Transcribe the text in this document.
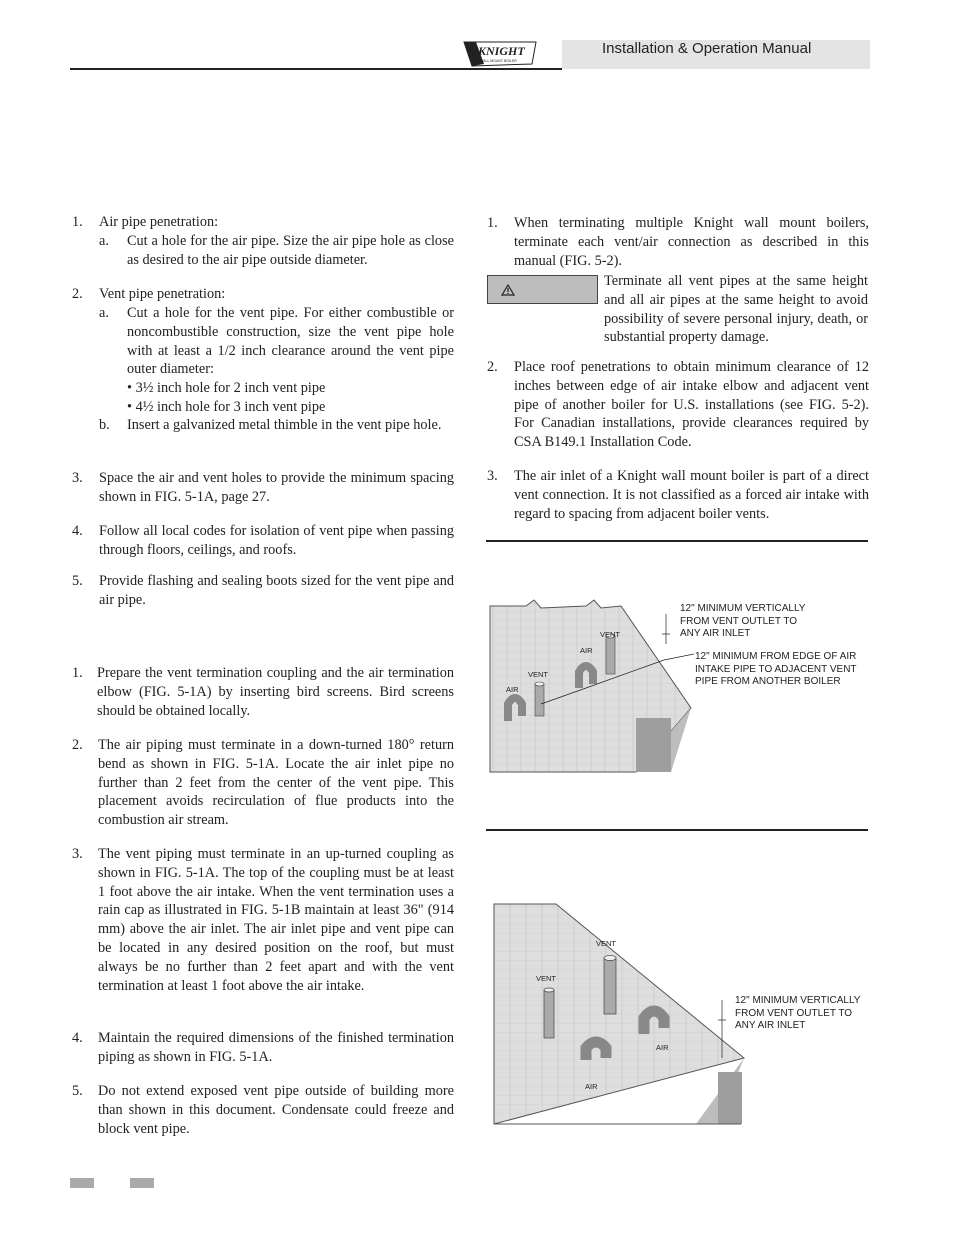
Installation & Operation Manual
KNIGHT
WALL MOUNT BOILER
1. Air pipe penetration:
a. Cut a hole for the air pipe. Size the air pipe hole as close as desired to the air pipe outside diameter.
2. Vent pipe penetration:
a. Cut a hole for the vent pipe. For either combustible or noncombustible construction, size the vent pipe hole with at least a 1/2 inch clearance around the vent pipe outer diameter:
• 3½ inch hole for 2 inch vent pipe
• 4½ inch hole for 3 inch vent pipe
b. Insert a galvanized metal thimble in the vent pipe hole.
3. Space the air and vent holes to provide the minimum spacing shown in FIG. 5-1A, page 27.
4. Follow all local codes for isolation of vent pipe when passing through floors, ceilings, and roofs.
5. Provide flashing and sealing boots sized for the vent pipe and air pipe.
1. Prepare the vent termination coupling and the air termination elbow (FIG. 5-1A) by inserting bird screens. Bird screens should be obtained locally.
2. The air piping must terminate in a down-turned 180° return bend as shown in FIG. 5-1A. Locate the air inlet pipe no further than 2 feet from the center of the vent pipe. This placement avoids recirculation of flue products into the combustion air stream.
3. The vent piping must terminate in an up-turned coupling as shown in FIG. 5-1A. The top of the coupling must be at least 1 foot above the air intake. When the vent termination uses a rain cap as illustrated in FIG. 5-1B maintain at least 36" (914 mm) above the air inlet. The air inlet pipe and vent pipe can be located in any desired position on the roof, but must always be no further than 2 feet apart and with the vent termination at least 1 foot above the air intake.
4. Maintain the required dimensions of the finished termination piping as shown in FIG. 5-1A.
5. Do not extend exposed vent pipe outside of building more than shown in this document. Condensate could freeze and block vent pipe.
1. When terminating multiple Knight wall mount boilers, terminate each vent/air connection as described in this manual (FIG. 5-2).
Terminate all vent pipes at the same height and all air pipes at the same height to avoid possibility of severe personal injury, death, or substantial property damage.
2. Place roof penetrations to obtain minimum clearance of 12 inches between edge of air intake elbow and adjacent vent pipe of another boiler for U.S. installations (see FIG. 5-2). For Canadian installations, provide clearances required by CSA B149.1 Installation Code.
3. The air inlet of a Knight wall mount boiler is part of a direct vent connection. It is not classified as a forced air intake with regard to spacing from adjacent boiler vents.
VENT
AIR
VENT
AIR
12" MINIMUM VERTICALLY
FROM VENT OUTLET TO
ANY AIR INLET
12" MINIMUM FROM EDGE OF AIR
INTAKE PIPE TO ADJACENT VENT
PIPE FROM ANOTHER BOILER
VENT
VENT
AIR
AIR
12" MINIMUM VERTICALLY
FROM VENT OUTLET TO
ANY AIR INLET
